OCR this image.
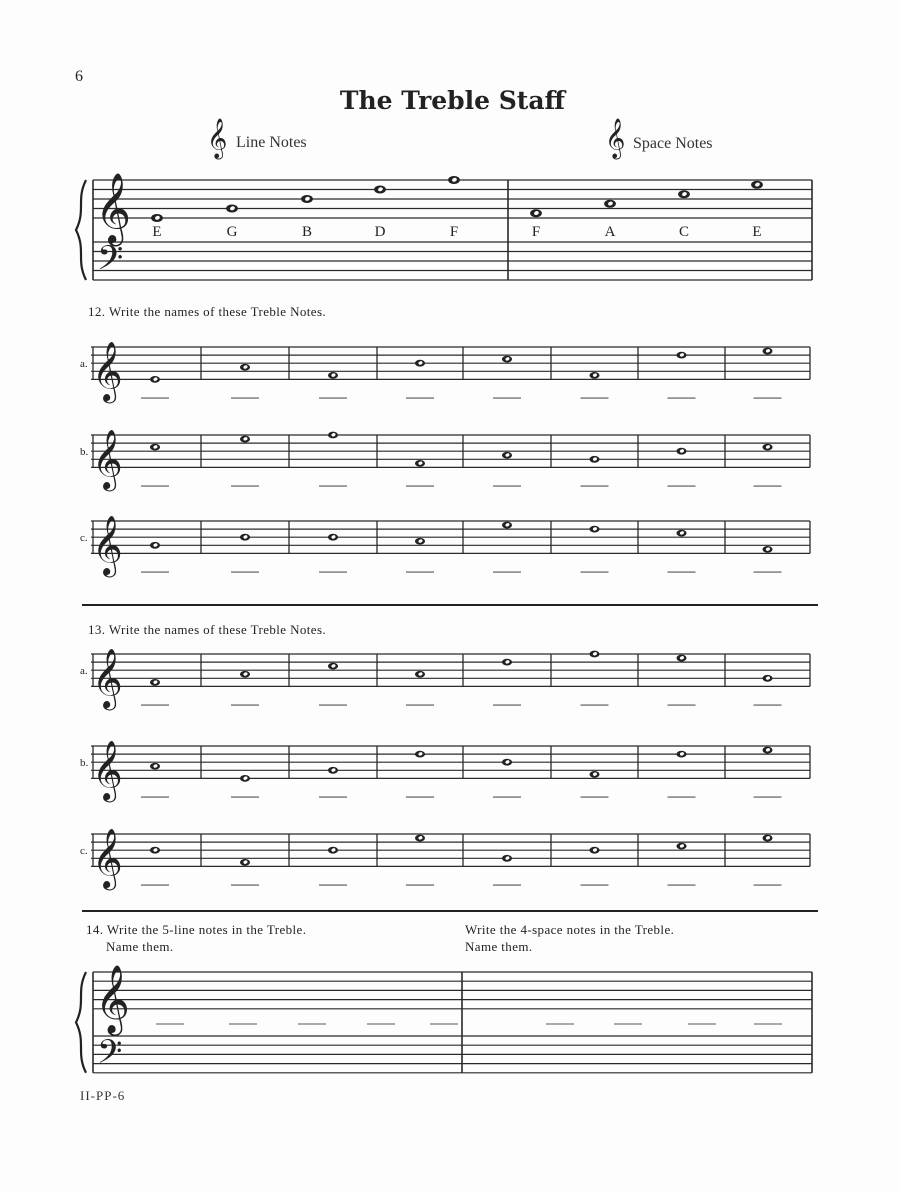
6
The Treble Staff
Line Notes	Space Notes
12. Write the names of these Treble Notes.
13. Write the names of these Treble Notes.
14. Write the 5-line notes in the Treble.
Name them.
Write the 4-space notes in the Treble.
Name them.
II-PP-6
𝄞
𝄢
𝄞	𝄞
E	G	B	D	F	F	A	C	E
𝄞
a.
𝄞
b.
𝄞
c.
𝄞
a.
𝄞
b.
𝄞
c.
𝄞
𝄢
